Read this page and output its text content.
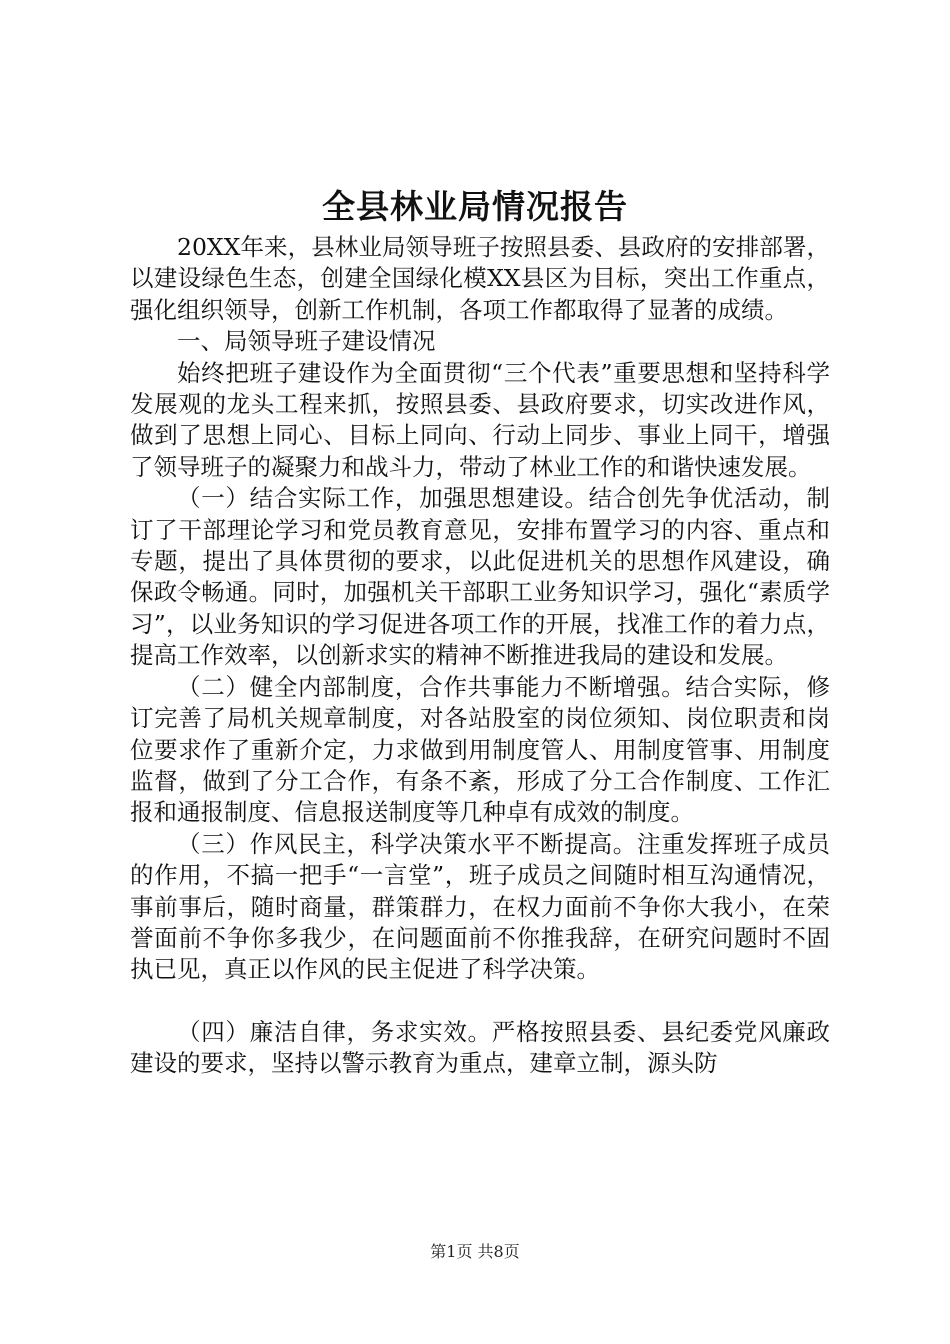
全县林业局情况报告

20XX年来，县林业局领导班子按照县委、县政府的安排部署，以建设绿色生态，创建全国绿化模XX县区为目标，突出工作重点，强化组织领导，创新工作机制，各项工作都取得了显著的成绩。

一、局领导班子建设情况

始终把班子建设作为全面贯彻“三个代表”重要思想和坚持科学发展观的龙头工程来抓，按照县委、县政府要求，切实改进作风，做到了思想上同心、目标上同向、行动上同步、事业上同干，增强了领导班子的凝聚力和战斗力，带动了林业工作的和谐快速发展。

（一）结合实际工作，加强思想建设。结合创先争优活动，制订了干部理论学习和党员教育意见，安排布置学习的内容、重点和专题，提出了具体贯彻的要求，以此促进机关的思想作风建设，确保政令畅通。同时，加强机关干部职工业务知识学习，强化“素质学习”，以业务知识的学习促进各项工作的开展，找准工作的着力点，提高工作效率，以创新求实的精神不断推进我局的建设和发展。

（二）健全内部制度，合作共事能力不断增强。结合实际，修订完善了局机关规章制度，对各站股室的岗位须知、岗位职责和岗位要求作了重新介定，力求做到用制度管人、用制度管事、用制度监督，做到了分工合作，有条不紊，形成了分工合作制度、工作汇报和通报制度、信息报送制度等几种卓有成效的制度。

（三）作风民主，科学决策水平不断提高。注重发挥班子成员的作用，不搞一把手“一言堂”，班子成员之间随时相互沟通情况，事前事后，随时商量，群策群力，在权力面前不争你大我小，在荣誉面前不争你多我少，在问题面前不你推我辞，在研究问题时不固执已见，真正以作风的民主促进了科学决策。

（四）廉洁自律，务求实效。严格按照县委、县纪委党风廉政建设的要求，坚持以警示教育为重点，建章立制，源头防

第1页 共8页
